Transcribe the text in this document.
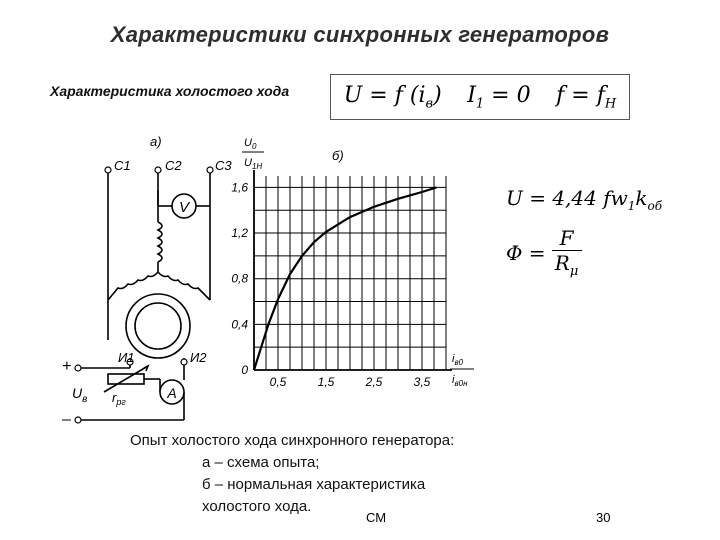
Характеристики синхронных генераторов
Характеристика холостого хода U = f $(i_в) I_1 = 0$ $f = f_H$
V
A
а)
С1	С2	С3
И1	И2
+
–
$U_в$ $r_{рг}$
0,5	1,5	2,5	3,5
0
0,4
0,8
1,2
1,6
б)
$U_0$
$U_{1Н}$
$i_{в0}$
$i_{в0н}$
U = 4,44 $fw_1k_{об}$
Φ =
F
$R_\mu$
Опыт холостого хода синхронного генератора:
а – схема опыта;
б – нормальная характеристика
холостого хода.
СМ	30
